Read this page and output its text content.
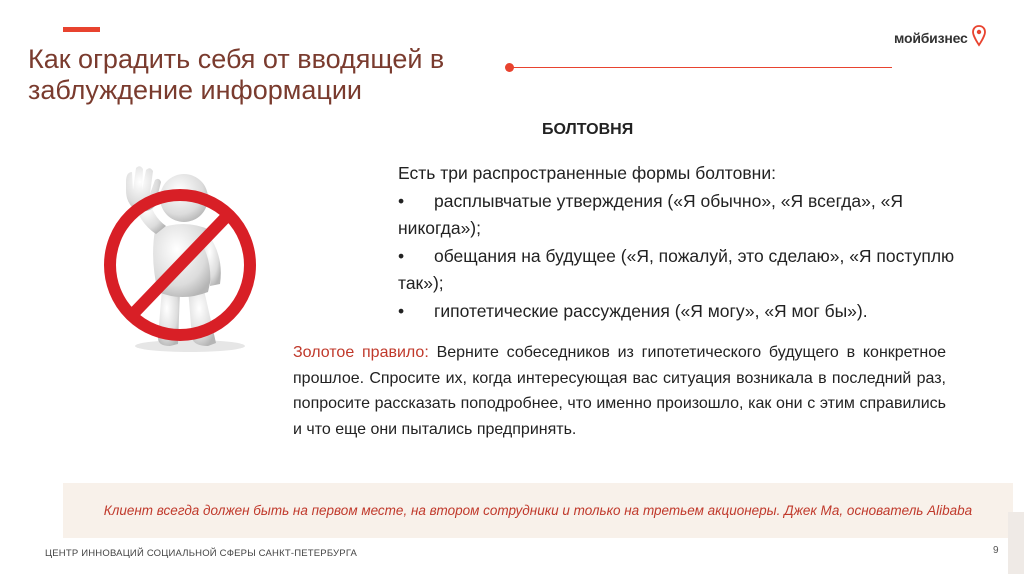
Как оградить себя от вводящей в заблуждение информации
мойбизнес
БОЛТОВНЯ

Есть три распространенные формы болтовни:

• расплывчатые утверждения («Я обычно», «Я всегда», «Я никогда»);

• обещания на будущее («Я, пожалуй, это сделаю», «Я поступлю так»);

• гипотетические рассуждения («Я могу», «Я мог бы»).

Золотое правило: Верните собеседников из гипотетического будущего в конкретное прошлое. Спросите их, когда интересующая вас ситуация возникала в последний раз, попросите рассказать поподробнее, что именно произошло, как они с этим справились и что еще они пытались предпринять.
Клиент всегда должен быть на первом месте, на втором сотрудники и только на третьем акционеры. Джек Ма, основатель Alibaba
ЦЕНТР ИННОВАЦИЙ СОЦИАЛЬНОЙ СФЕРЫ САНКТ-ПЕТЕРБУРГА	9
